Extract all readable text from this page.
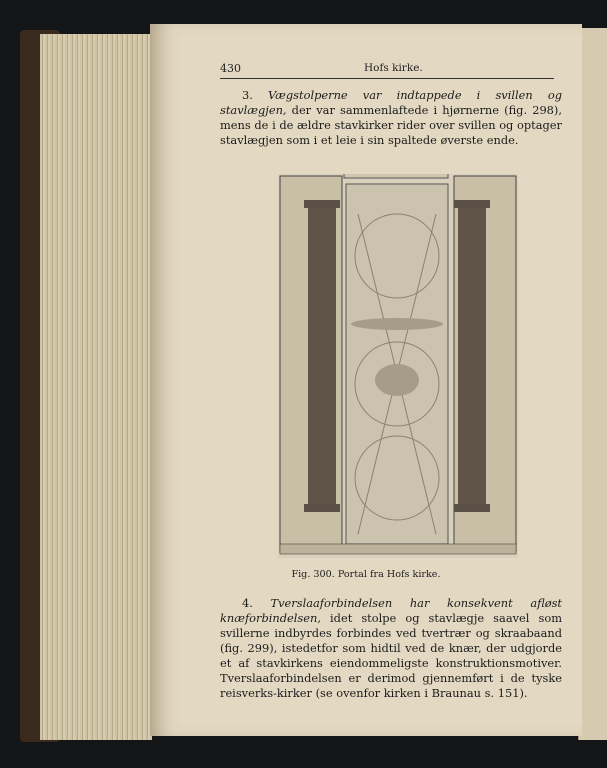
430	Hofs kirke.

3. Vægstolperne var indtappede i svillen og stavlægjen, der var sammenlaftede i hjørnerne (fig. 298), mens de i de ældre stavkirker rider over svillen og optager stavlægjen som i et leie i sin spaltede øverste ende.

Fig. 300. Portal fra Hofs kirke.

4. Tverslaaforbindelsen har konsekvent afløst knæforbindelsen, idet stolpe og stavlægje saavel som svillerne indbyrdes forbindes ved tvertrær og skraabaand (fig. 299), istedetfor som hidtil ved de knær, der udgjorde et af stavkirkens eiendommeligste konstruktionsmotiver. Tverslaaforbindelsen er derimod gjennemført i de tyske reisverks-kirker (se ovenfor kirken i Braunau s. 151).
